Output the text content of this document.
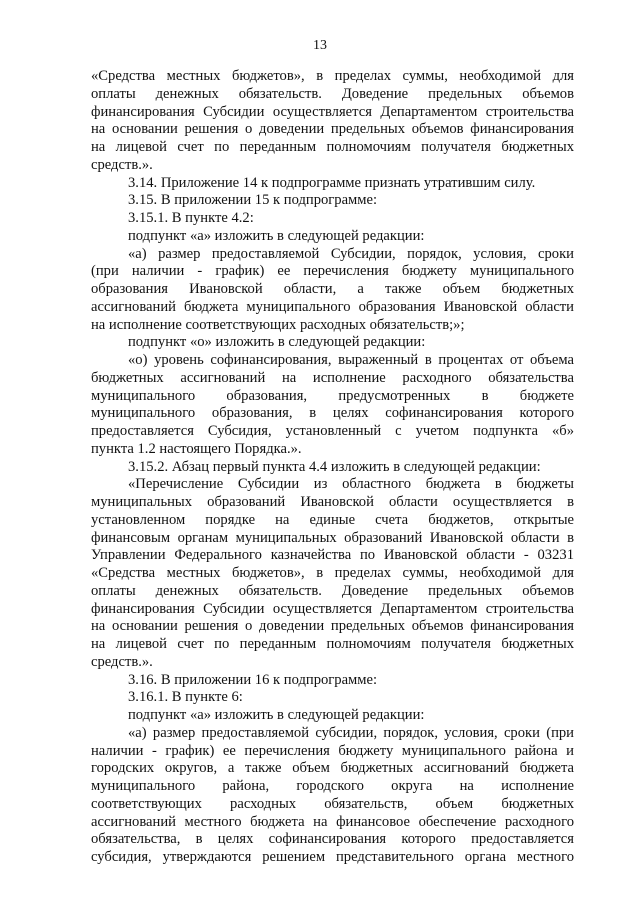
13
«Средства местных бюджетов», в пределах суммы, необходимой для
оплаты денежных обязательств. Доведение предельных объемов
финансирования Субсидии осуществляется Департаментом строительства
на основании решения о доведении предельных объемов финансирования
на лицевой счет по переданным полномочиям получателя бюджетных
средств.».
3.14. Приложение 14 к подпрограмме признать утратившим силу.
3.15. В приложении 15 к подпрограмме:
3.15.1. В пункте 4.2:
подпункт «а» изложить в следующей редакции:
«а) размер предоставляемой Субсидии, порядок, условия, сроки
(при наличии - график) ее перечисления бюджету муниципального
образования Ивановской области, а также объем бюджетных
ассигнований бюджета муниципального образования Ивановской области
на исполнение соответствующих расходных обязательств;»;
подпункт «о» изложить в следующей редакции:
«о) уровень софинансирования, выраженный в процентах от объема
бюджетных ассигнований на исполнение расходного обязательства
муниципального образования, предусмотренных в бюджете
муниципального образования, в целях софинансирования которого
предоставляется Субсидия, установленный с учетом подпункта «б»
пункта 1.2 настоящего Порядка.».
3.15.2. Абзац первый пункта 4.4 изложить в следующей редакции:
«Перечисление Субсидии из областного бюджета в бюджеты
муниципальных образований Ивановской области осуществляется в
установленном порядке на единые счета бюджетов, открытые
финансовым органам муниципальных образований Ивановской области в
Управлении Федерального казначейства по Ивановской области - 03231
«Средства местных бюджетов», в пределах суммы, необходимой для
оплаты денежных обязательств. Доведение предельных объемов
финансирования Субсидии осуществляется Департаментом строительства
на основании решения о доведении предельных объемов финансирования
на лицевой счет по переданным полномочиям получателя бюджетных
средств.».
3.16. В приложении 16 к подпрограмме:
3.16.1. В пункте 6:
подпункт «а» изложить в следующей редакции:
«а) размер предоставляемой субсидии, порядок, условия, сроки (при
наличии - график) ее перечисления бюджету муниципального района и
городских округов, а также объем бюджетных ассигнований бюджета
муниципального района, городского округа на исполнение
соответствующих расходных обязательств, объем бюджетных
ассигнований местного бюджета на финансовое обеспечение расходного
обязательства, в целях софинансирования которого предоставляется
субсидия, утверждаются решением представительного органа местного
